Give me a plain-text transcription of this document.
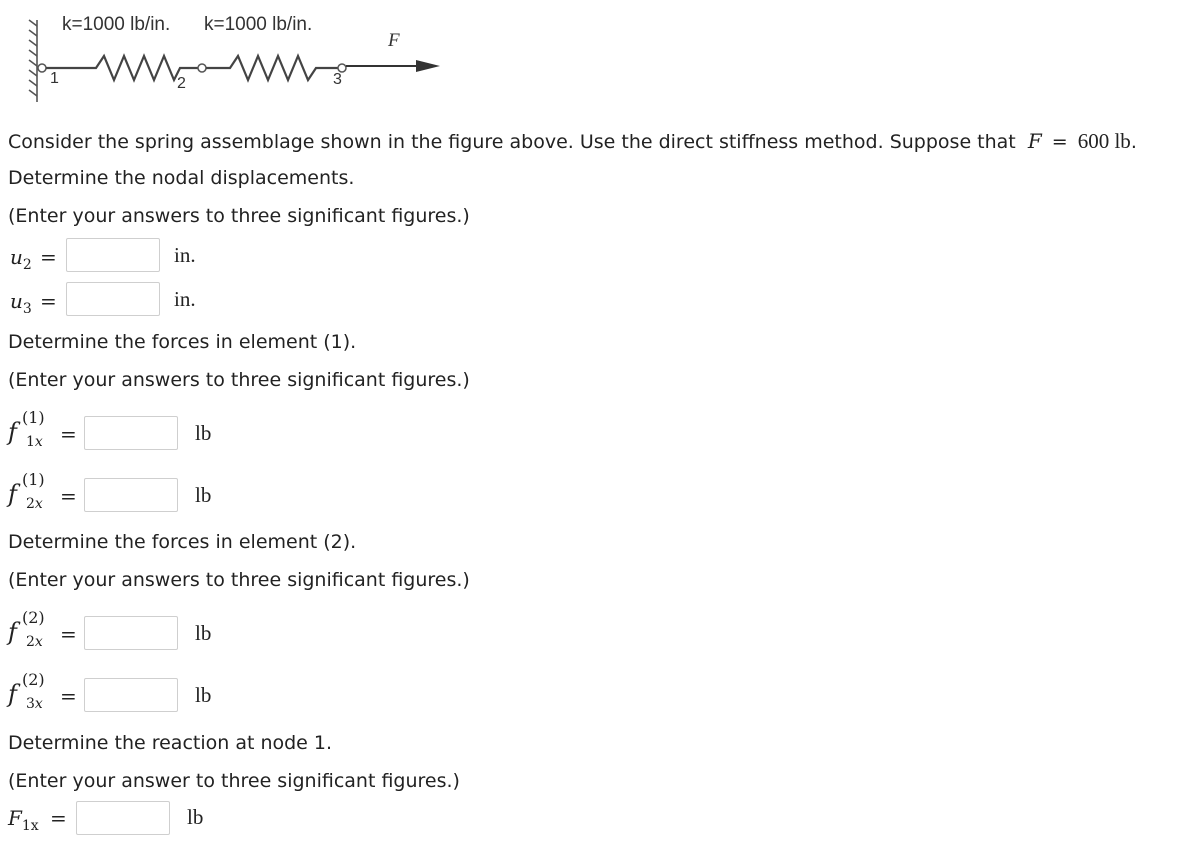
k=1000 lb/in. k=1000 lb/in.
F
1	2	3
Consider the spring assemblage shown in the figure above. Use the direct stiffness method. Suppose that F = 600 lb.
Determine the nodal displacements.
(Enter your answers to three significant figures.)
$u_2$ =	in.
$u_3$ =	in.
Determine the forces in element (1).
(Enter your answers to three significant figures.)
f
(1)
1x =	lb
f
(1)
2x =	lb
Determine the forces in element (2).
(Enter your answers to three significant figures.)
f
(2)
2x =	lb
f
(2)
3x =	lb
Determine the reaction at node 1.
(Enter your answer to three significant figures.)
$F_{1x}$ =	lb
